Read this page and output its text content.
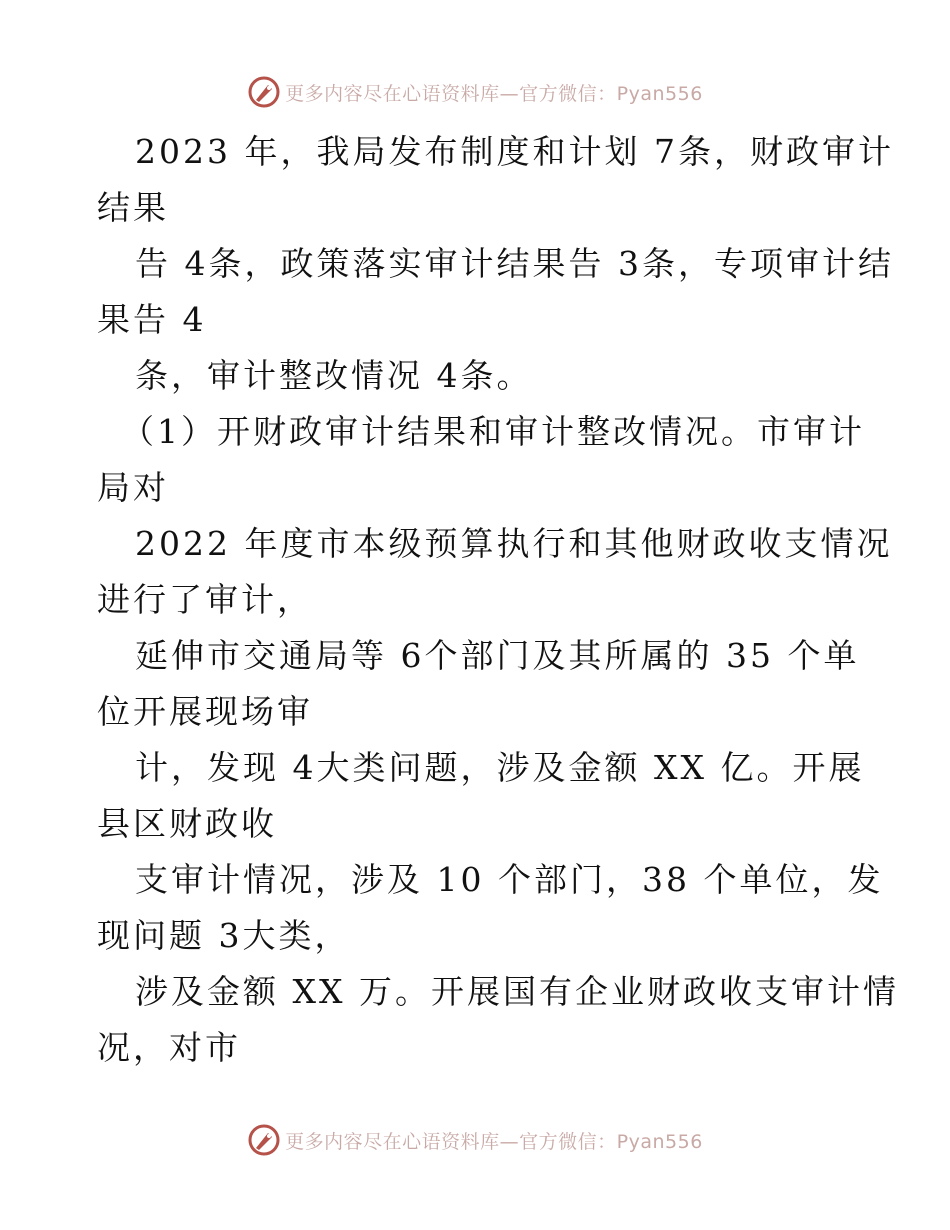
更多内容尽在心语资料库—官方微信：Pyan556
2023 年，我局发布制度和计划 7条，财政审计
结果
告 4条，政策落实审计结果告 3条，专项审计结
果告 4
条，审计整改情况 4条。
（1）开财政审计结果和审计整改情况。市审计
局对
2022 年度市本级预算执行和其他财政收支情况
进行了审计，
延伸市交通局等 6个部门及其所属的 35 个单
位开展现场审
计，发现 4大类问题，涉及金额 XX 亿。开展
县区财政收
支审计情况，涉及 10 个部门，38 个单位，发
现问题 3大类，
涉及金额 XX 万。开展国有企业财政收支审计情
况，对市
更多内容尽在心语资料库—官方微信：Pyan556
